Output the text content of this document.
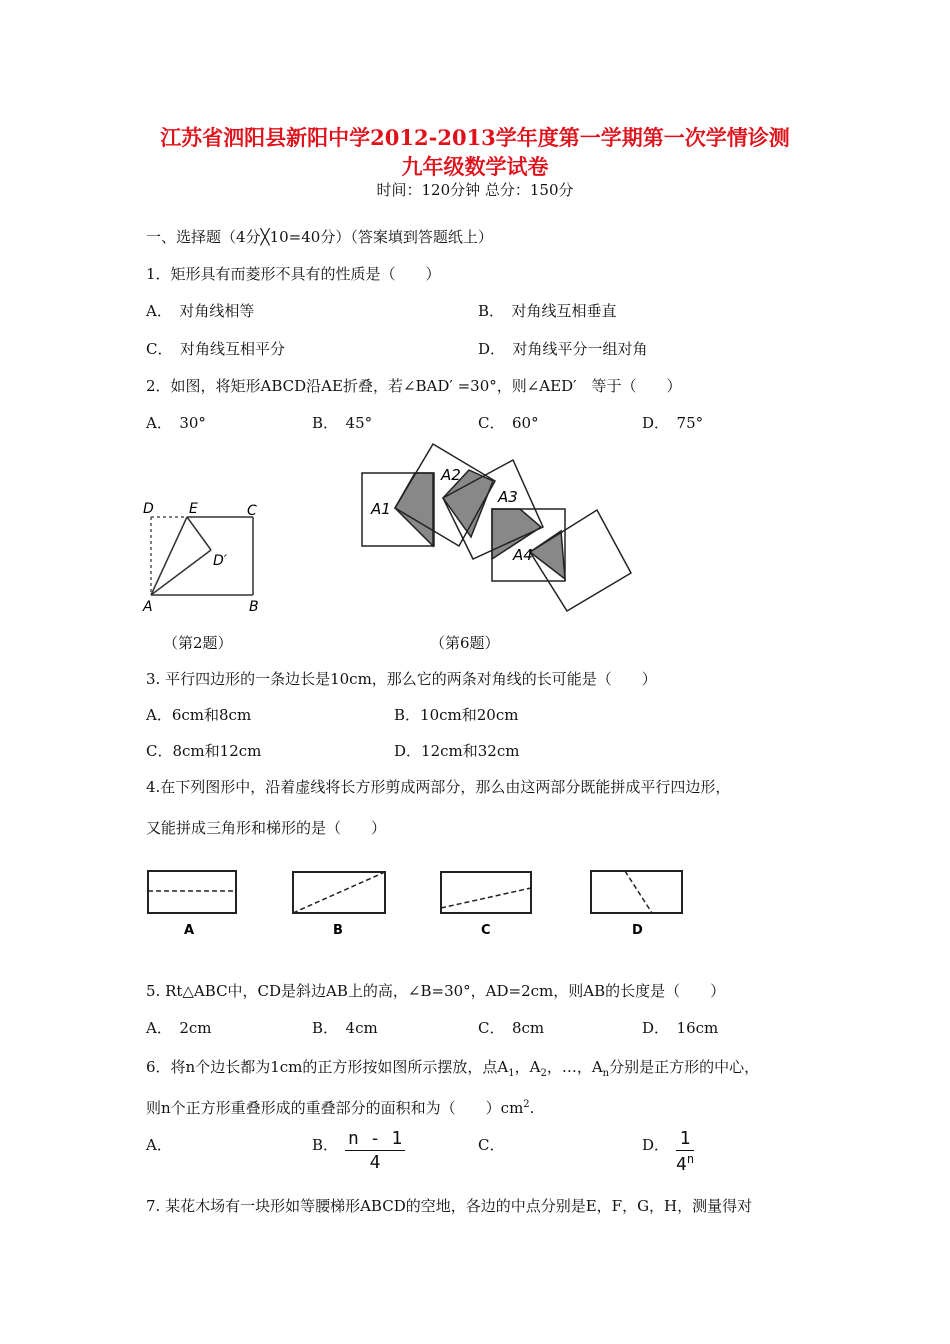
江苏省泗阳县新阳中学2012-2013学年度第一学期第一次学情诊测
九年级数学试卷
时间：120分钟 总分：150分
一、选择题（4分╳10=40分）（答案填到答题纸上）
1．矩形具有而菱形不具有的性质是（　　）
A．　对角线相等	B．　对角线互相垂直
C．　对角线互相平分	D．　对角线平分一组对角
2．如图，将矩形ABCD沿AE折叠，若∠BAD′ =30°，则∠AED′　等于（　　）
A．　30°	B．　45°	C．　60°	D．　75°
D	E	C
D′
A	B
A1
A2
A3
A4
（第2题）	（第6题）
3. 平行四边形的一条边长是10cm，那么它的两条对角线的长可能是（　　）
A．6cm和8cm	B．10cm和20cm
C．8cm和12cm	D．12cm和32cm
4.在下列图形中，沿着虚线将长方形剪成两部分，那么由这两部分既能拼成平行四边形，
又能拼成三角形和梯形的是（　　）
A	B	C	D
5. Rt△ABC中，CD是斜边AB上的高，∠B=30°，AD=2cm，则AB的长度是（　　）
A．　2cm	B．　4cm	C．　8cm	D．　16cm
6．将n个边长都为1cm的正方形按如图所示摆放，点$A_1$，$A_2$，…，$A_n$分别是正方形的中心，
则n个正方形重叠形成的重叠部分的面积和为（　　）$cm^2$.
A．	B． $\frac{n - 1}{4}$	C．	D． $\frac{1}{4^n}$
7. 某花木场有一块形如等腰梯形ABCD的空地，各边的中点分别是E，F，G，H，测量得对
